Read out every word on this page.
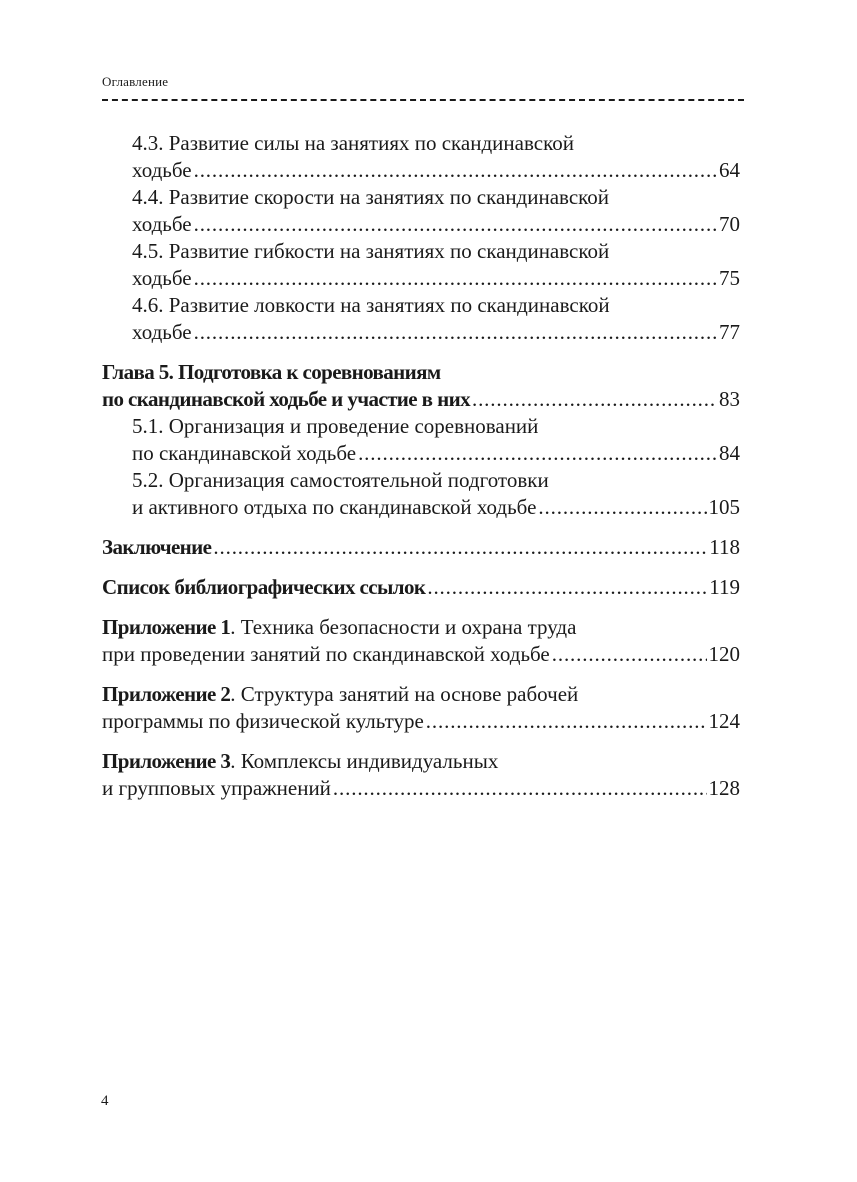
Оглавление
4.3. Развитие силы на занятиях по скандинавской
ходьбе . . .	64
4.4. Развитие скорости на занятиях по скандинавской
ходьбе . . .	70
4.5. Развитие гибкости на занятиях по скандинавской
ходьбе . . .	75
4.6. Развитие ловкости на занятиях по скандинавской
ходьбе . . .	77
Глава 5. Подготовка к соревнованиям
по скандинавской ходьбе и участие в них . . .	83
5.1. Организация и проведение соревнований
по скандинавской ходьбе . . .	84
5.2. Организация самостоятельной подготовки
и активного отдыха по скандинавской ходьбе . . .	105
Заключение . . .	118
Список библиографических ссылок . . .	119
Приложение 1. Техника безопасности и охрана труда
при проведении занятий по скандинавской ходьбе . . .	120
Приложение 2. Структура занятий на основе рабочей
программы по физической культуре . . .	124
Приложение 3. Комплексы индивидуальных
и групповых упражнений . . .	128
4
